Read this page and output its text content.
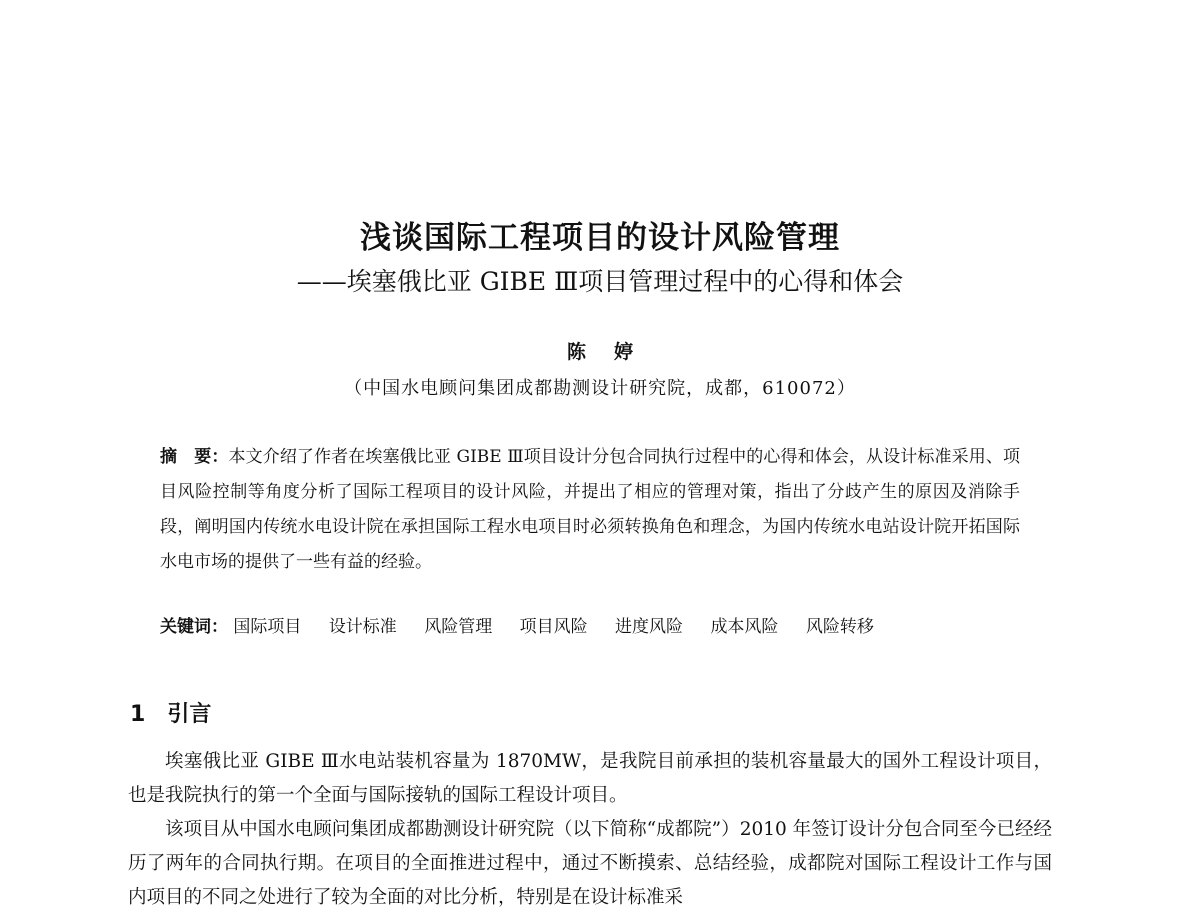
浅谈国际工程项目的设计风险管理
——埃塞俄比亚 GIBE Ⅲ项目管理过程中的心得和体会
陈婷
（中国水电顾问集团成都勘测设计研究院，成都，610072）
摘　要：本文介绍了作者在埃塞俄比亚 GIBE Ⅲ项目设计分包合同执行过程中的心得和体会，从设计标准采用、项目风险控制等角度分析了国际工程项目的设计风险，并提出了相应的管理对策，指出了分歧产生的原因及消除手段，阐明国内传统水电设计院在承担国际工程水电项目时必须转换角色和理念，为国内传统水电站设计院开拓国际水电市场的提供了一些有益的经验。
关键词： 国际项目 设计标准 风险管理 项目风险 进度风险 成本风险 风险转移
1 引言

埃塞俄比亚 GIBE Ⅲ水电站装机容量为 1870MW，是我院目前承担的装机容量最大的国外工程设计项目，也是我院执行的第一个全面与国际接轨的国际工程设计项目。

该项目从中国水电顾问集团成都勘测设计研究院（以下简称“成都院”）2010 年签订设计分包合同至今已经经历了两年的合同执行期。在项目的全面推进过程中，通过不断摸索、总结经验，成都院对国际工程设计工作与国内项目的不同之处进行了较为全面的对比分析，特别是在设计标准采
